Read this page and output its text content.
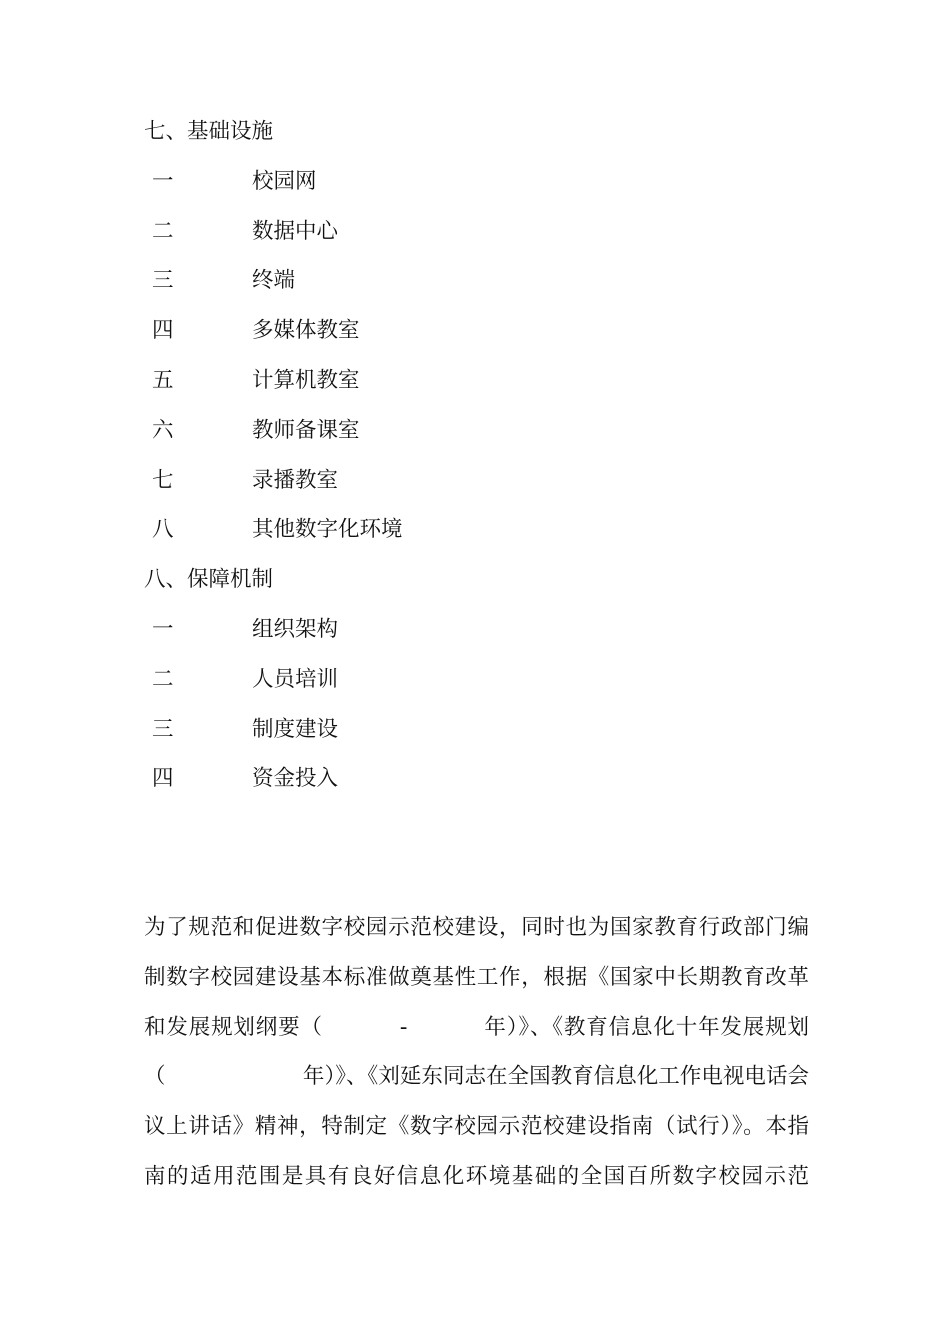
七、基础设施
一	校园网
二	数据中心
三	终端
四	多媒体教室
五	计算机教室
六	教师备课室
七	录播教室
八	其他数字化环境
八、保障机制
一	组织架构
二	人员培训
三	制度建设
四	资金投入
为了规范和促进数字校园示范校建设，同时也为国家教育行政部门编
制数字校园建设基本标准做奠基性工作，根据《国家中长期教育改革
和发展规划纲要（          -          年）》、《教育信息化十年发展规划
（                    年）》、《刘延东同志在全国教育信息化工作电视电话会
议上讲话》精神，特制定《数字校园示范校建设指南（试行）》。本指
南的适用范围是具有良好信息化环境基础的全国百所数字校园示范
